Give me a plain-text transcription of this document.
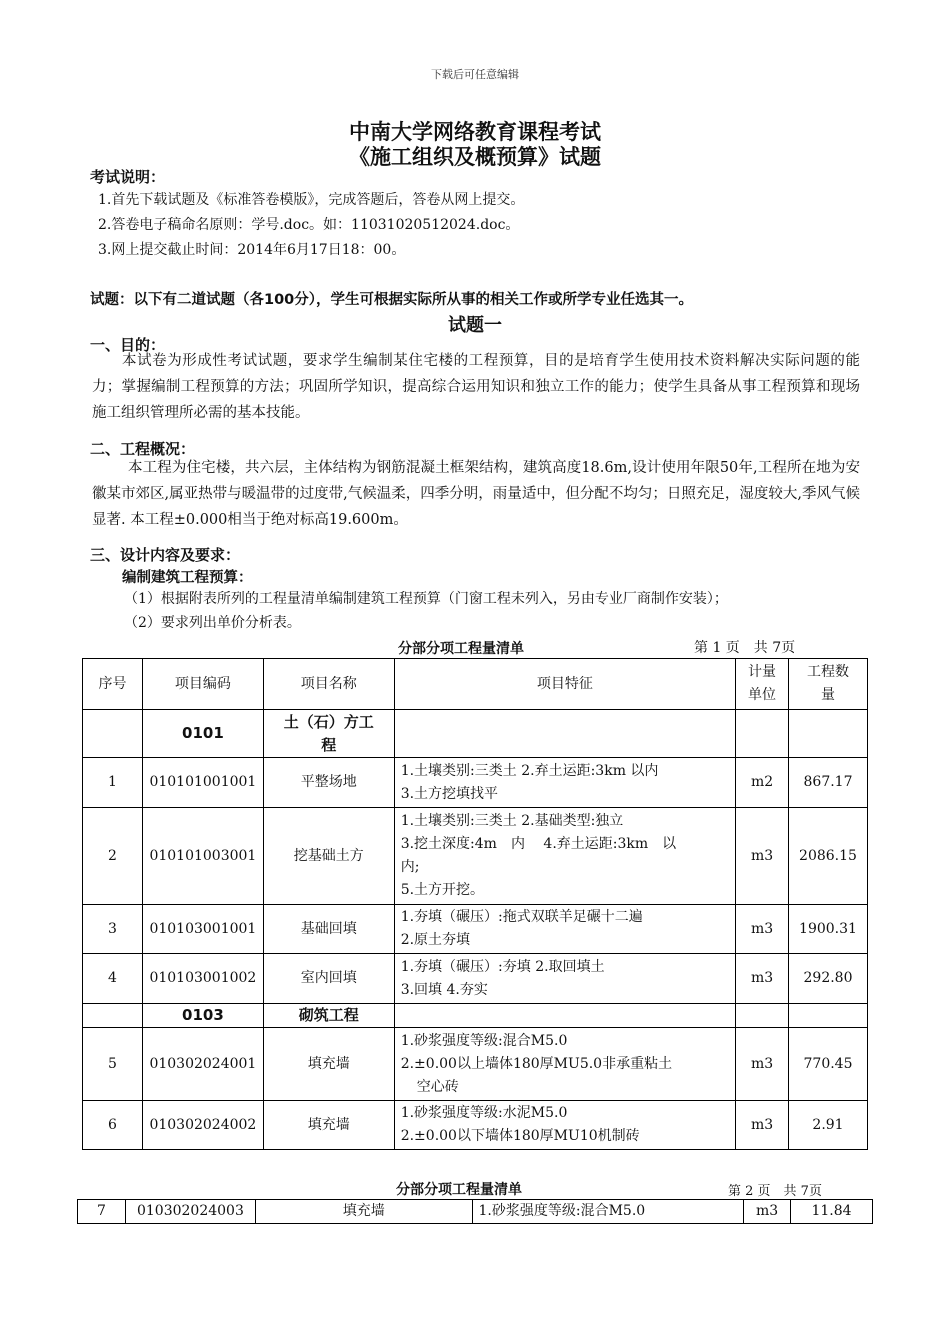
下载后可任意编辑
中南大学网络教育课程考试
《施工组织及概预算》试题
考试说明：
1.首先下载试题及《标准答卷模版》，完成答题后，答卷从网上提交。
2.答卷电子稿命名原则：学号.doc。如：11031020512024.doc。
3.网上提交截止时间：2014年6月17日18：00。
试题：以下有二道试题（各100分），学生可根据实际所从事的相关工作或所学专业任选其一。
试题一
一、目的：
本试卷为形成性考试试题，要求学生编制某住宅楼的工程预算，目的是培育学生使用技术资料解决实际问题的能力；掌握编制工程预算的方法；巩固所学知识，提高综合运用知识和独立工作的能力；使学生具备从事工程预算和现场施工组织管理所必需的基本技能。
二、工程概况：
本工程为住宅楼，共六层，主体结构为钢筋混凝土框架结构，建筑高度18.6m,设计使用年限50年,工程所在地为安徽某市郊区,属亚热带与暖温带的过度带,气候温柔，四季分明，雨量适中，但分配不均匀；日照充足，湿度较大,季风气候显著. 本工程±0.000相当于绝对标高19.600m。
三、设计内容及要求：
编制建筑工程预算：
（1）根据附表所列的工程量清单编制建筑工程预算（门窗工程未列入，另由专业厂商制作安装）；
（2）要求列出单价分析表。
分部分项工程量清单	第 1 页　共 7页
序号	项目编码	项目名称	项目特征	计量
单位	工程数
量
	0101	土（石）方工
程			
1	010101001001	平整场地	1.土壤类别:三类土 2.弃土运距:3km 以内
3.土方挖填找平	m2	867.17
2	010101003001	挖基础土方	1.土壤类别:三类土 2.基础类型:独立
3.挖土深度:4m　内　 4.弃土运距:3km　以
内;
5.土方开挖。	m3	2086.15
3	010103001001	基础回填	1.夯填（碾压）:拖式双联羊足碾十二遍
2.原土夯填	m3	1900.31
4	010103001002	室内回填	1.夯填（碾压）:夯填 2.取回填土
3.回填 4.夯实	m3	292.80
	0103	砌筑工程			
5	010302024001	填充墙	1.砂浆强度等级:混合M5.0
2.±0.00以上墙体180厚MU5.0非承重粘土

空心砖	m3	770.45
6	010302024002	填充墙	1.砂浆强度等级:水泥M5.0
2.±0.00以下墙体180厚MU10机制砖	m3	2.91
分部分项工程量清单	第 2 页　共 7页
7	010302024003	填充墙	1.砂浆强度等级:混合M5.0	m3	11.84
